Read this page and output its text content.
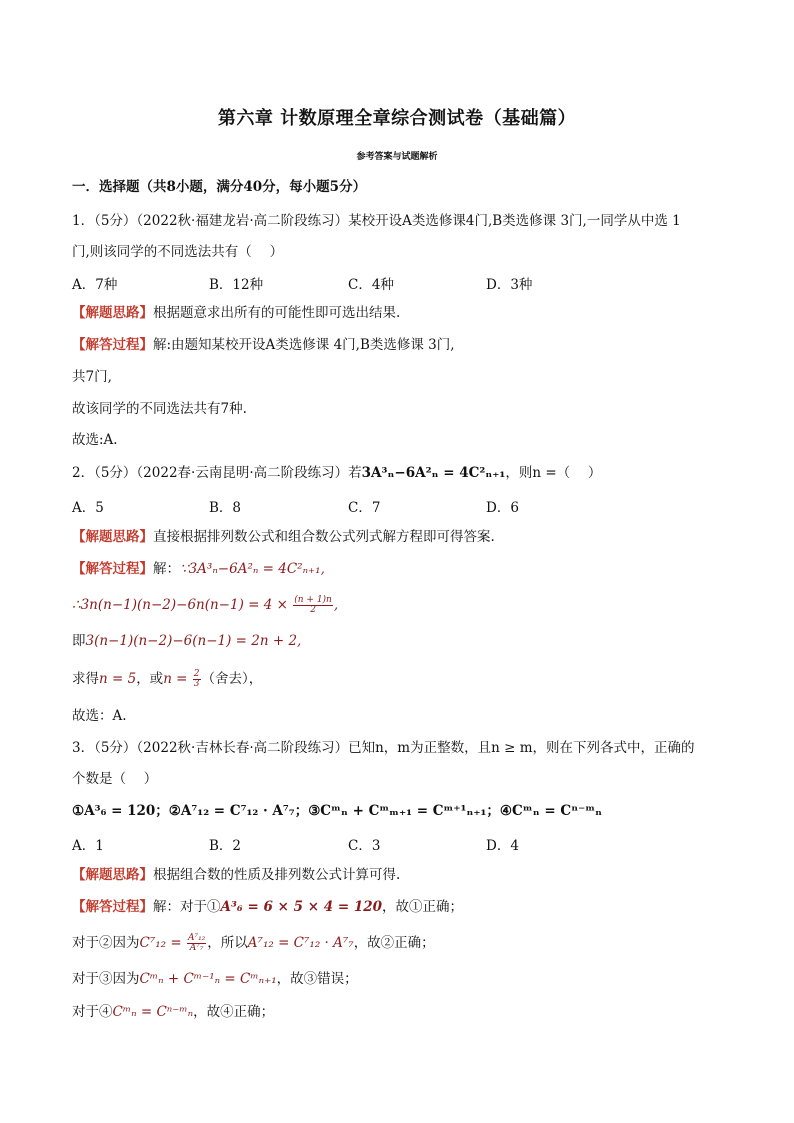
第六章 计数原理全章综合测试卷（基础篇）
参考答案与试题解析
一．选择题（共8小题，满分40分，每小题5分）
1．（5分）（2022秋·福建龙岩·高二阶段练习）某校开设A类选修课4门,B类选修课 3门,一同学从中选 1
门,则该同学的不同选法共有（　 ）
A．7种	B．12种	C．4种	D．3种
【解题思路】根据题意求出所有的可能性即可选出结果.
【解答过程】解:由题知某校开设A类选修课 4门,B类选修课 3门,
共7门,
故该同学的不同选法共有7种.
故选:A.
2．（5分）（2022春·云南昆明·高二阶段练习）若3A³ₙ−6A²ₙ = 4C²ₙ₊₁，则n =（　 ）
A．5	B．8	C．7	D．6
【解题思路】直接根据排列数公式和组合数公式列式解方程即可得答案.
【解答过程】解：∵3A³ₙ−6A²ₙ = 4C²ₙ₊₁,
∴3n(n−1)(n−2)−6n(n−1) = $4 \times \frac{(n + 1)n}{2}$ ,
即3(n−1)(n−2)−6(n−1) = 2n + 2,
求得n = 5，或$n = \frac{2}{3}$ （舍去），
故选：A.
3．（5分）（2022秋·吉林长春·高二阶段练习）已知n，m为正整数，且n ≥ m，则在下列各式中，正确的
个数是（　 ）
①A³₆ = 120；②A⁷₁₂ = C⁷₁₂ · A⁷₇；③Cᵐₙ + Cᵐₘ₊₁ = Cᵐ⁺¹ₙ₊₁；④Cᵐₙ = Cⁿ⁻ᵐₙ
A．1	B．2	C．3	D．4
【解题思路】根据组合数的性质及排列数公式计算可得.
【解答过程】解：对于①A³₆ = 6 × 5 × 4 = 120，故①正确；
对于②因为$C^7_{12} = \frac{\text{A⁷₁₂}}{\text{A⁷₇}}$ ，所以A⁷₁₂ = C⁷₁₂ · A⁷₇，故②正确；
对于③因为Cᵐₙ + Cᵐ⁻¹ₙ = Cᵐₙ₊₁，故③错误；
对于④Cᵐₙ = Cⁿ⁻ᵐₙ，故④正确；
